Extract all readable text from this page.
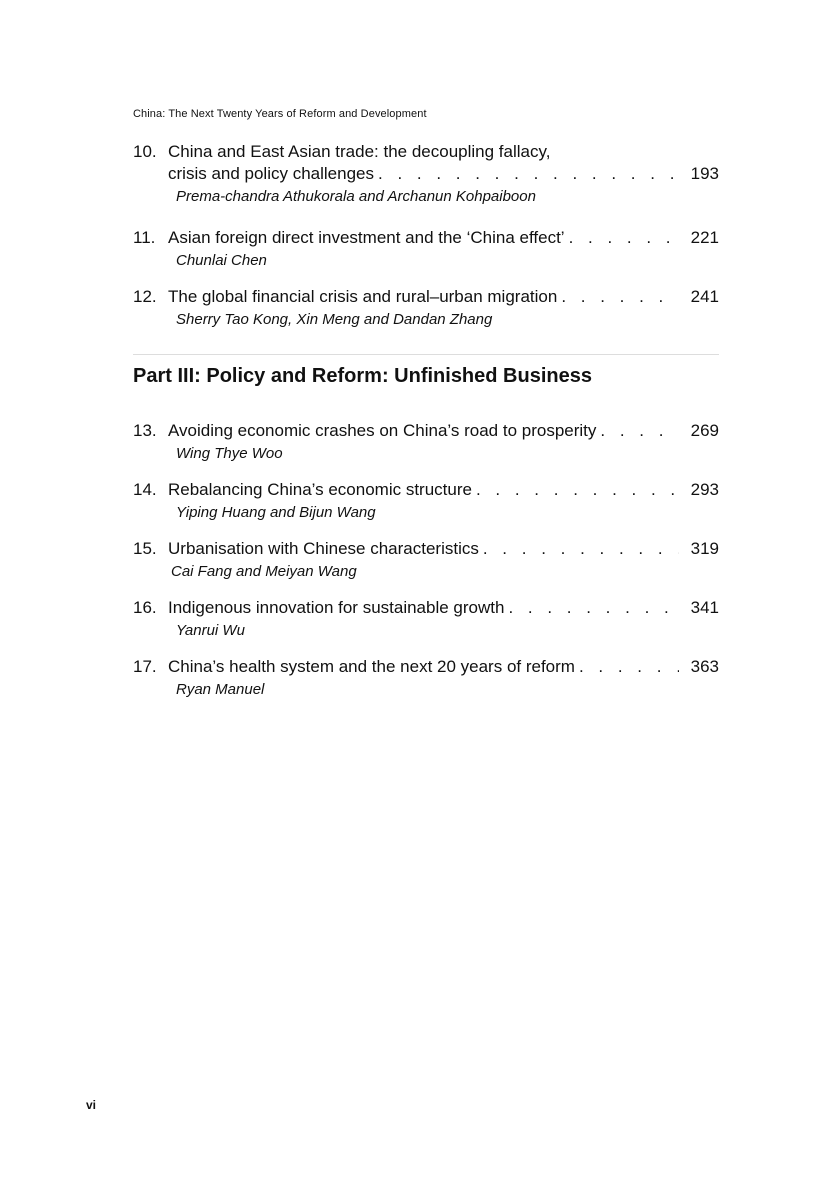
China: The Next Twenty Years of Reform and Development
10. China and East Asian trade: the decoupling fallacy,
crisis and policy challenges . . .	193
Prema-chandra Athukorala and Archanun Kohpaiboon
11. Asian foreign direct investment and the ‘China effect’ . . .	221
Chunlai Chen
12. The global financial crisis and rural–urban migration . . .	241
Sherry Tao Kong, Xin Meng and Dandan Zhang
Part III: Policy and Reform: Unfinished Business
13. Avoiding economic crashes on China’s road to prosperity . . .	269
Wing Thye Woo
14. Rebalancing China’s economic structure . . .	293
Yiping Huang and Bijun Wang
15. Urbanisation with Chinese characteristics . . .	319
Cai Fang and Meiyan Wang
16. Indigenous innovation for sustainable growth . . .	341
Yanrui Wu
17. China’s health system and the next 20 years of reform . . .	363
Ryan Manuel
vi
